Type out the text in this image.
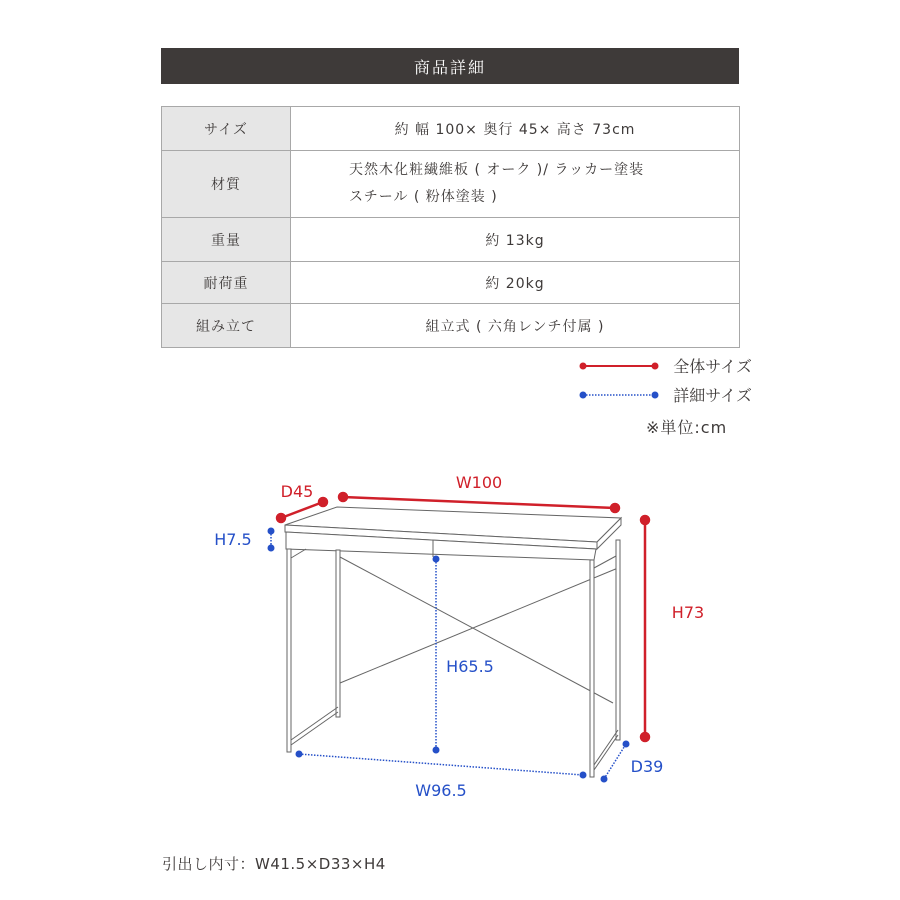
商品詳細
サイズ	約 幅 100× 奥行 45× 高さ 73cm
材質	天然木化粧繊維板 ( オーク )/ ラッカー塗装
スチール ( 粉体塗装 )

重量	約 13kg
耐荷重	約 20kg
組み立て	組立式 ( 六角レンチ付属 )
全体サイズ
詳細サイズ
※単位:cm
D45	W100
H73
H7.5
H65.5
W96.5
D39
引出し内寸：W41.5×D33×H4
